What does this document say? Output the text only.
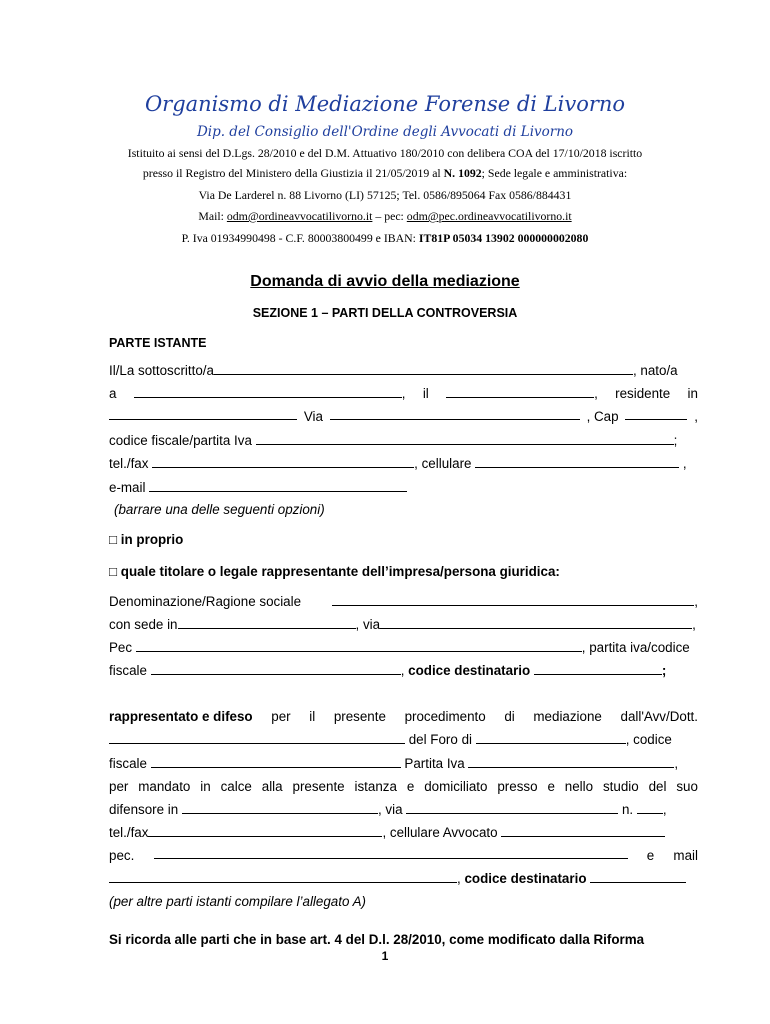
Organismo di Mediazione Forense di Livorno
Dip. del Consiglio dell'Ordine degli Avvocati di Livorno
Istituito ai sensi del D.Lgs. 28/2010 e del D.M. Attuativo 180/2010 con delibera COA del 17/10/2018 iscritto
presso il Registro del Ministero della Giustizia il 21/05/2019 al N. 1092; Sede legale e amministrativa:
Via De Larderel n. 88 Livorno (LI) 57125; Tel. 0586/895064 Fax 0586/884431
Mail: odm@ordineavvocatilivorno.it – pec: odm@pec.ordineavvocatilivorno.it
P. Iva 01934990498 - C.F. 80003800499 e IBAN: IT81P 05034 13902 000000002080
Domanda di avvio della mediazione
SEZIONE 1 – PARTI DELLA CONTROVERSIA
PARTE ISTANTE
Il/La sottoscritto/a	, nato/a
a	, il	, residente in
Via	, Cap	,
codice fiscale/partita Iva	;
tel./fax	, cellulare	,
e-mail
(barrare una delle seguenti opzioni)
□ in proprio
□ quale titolare o legale rappresentante dell’impresa/persona giuridica:
Denominazione/Ragione sociale	,
con sede in	, via	,
Pec	, partita iva/codice
fiscale	, codice destinatario	;
rappresentato e difeso per il presente procedimento di mediazione dall'Avv/Dott.
del Foro di	, codice
fiscale	Partita Iva	,
per mandato in calce alla presente istanza e domiciliato presso e nello studio del suo
difensore in	, via	n. ,
tel./fax	, cellulare Avvocato
pec.	e mail
, codice destinatario
(per altre parti istanti compilare l’allegato A)
Si ricorda alle parti che in base art. 4 del D.l. 28/2010, come modificato dalla Riforma
1
